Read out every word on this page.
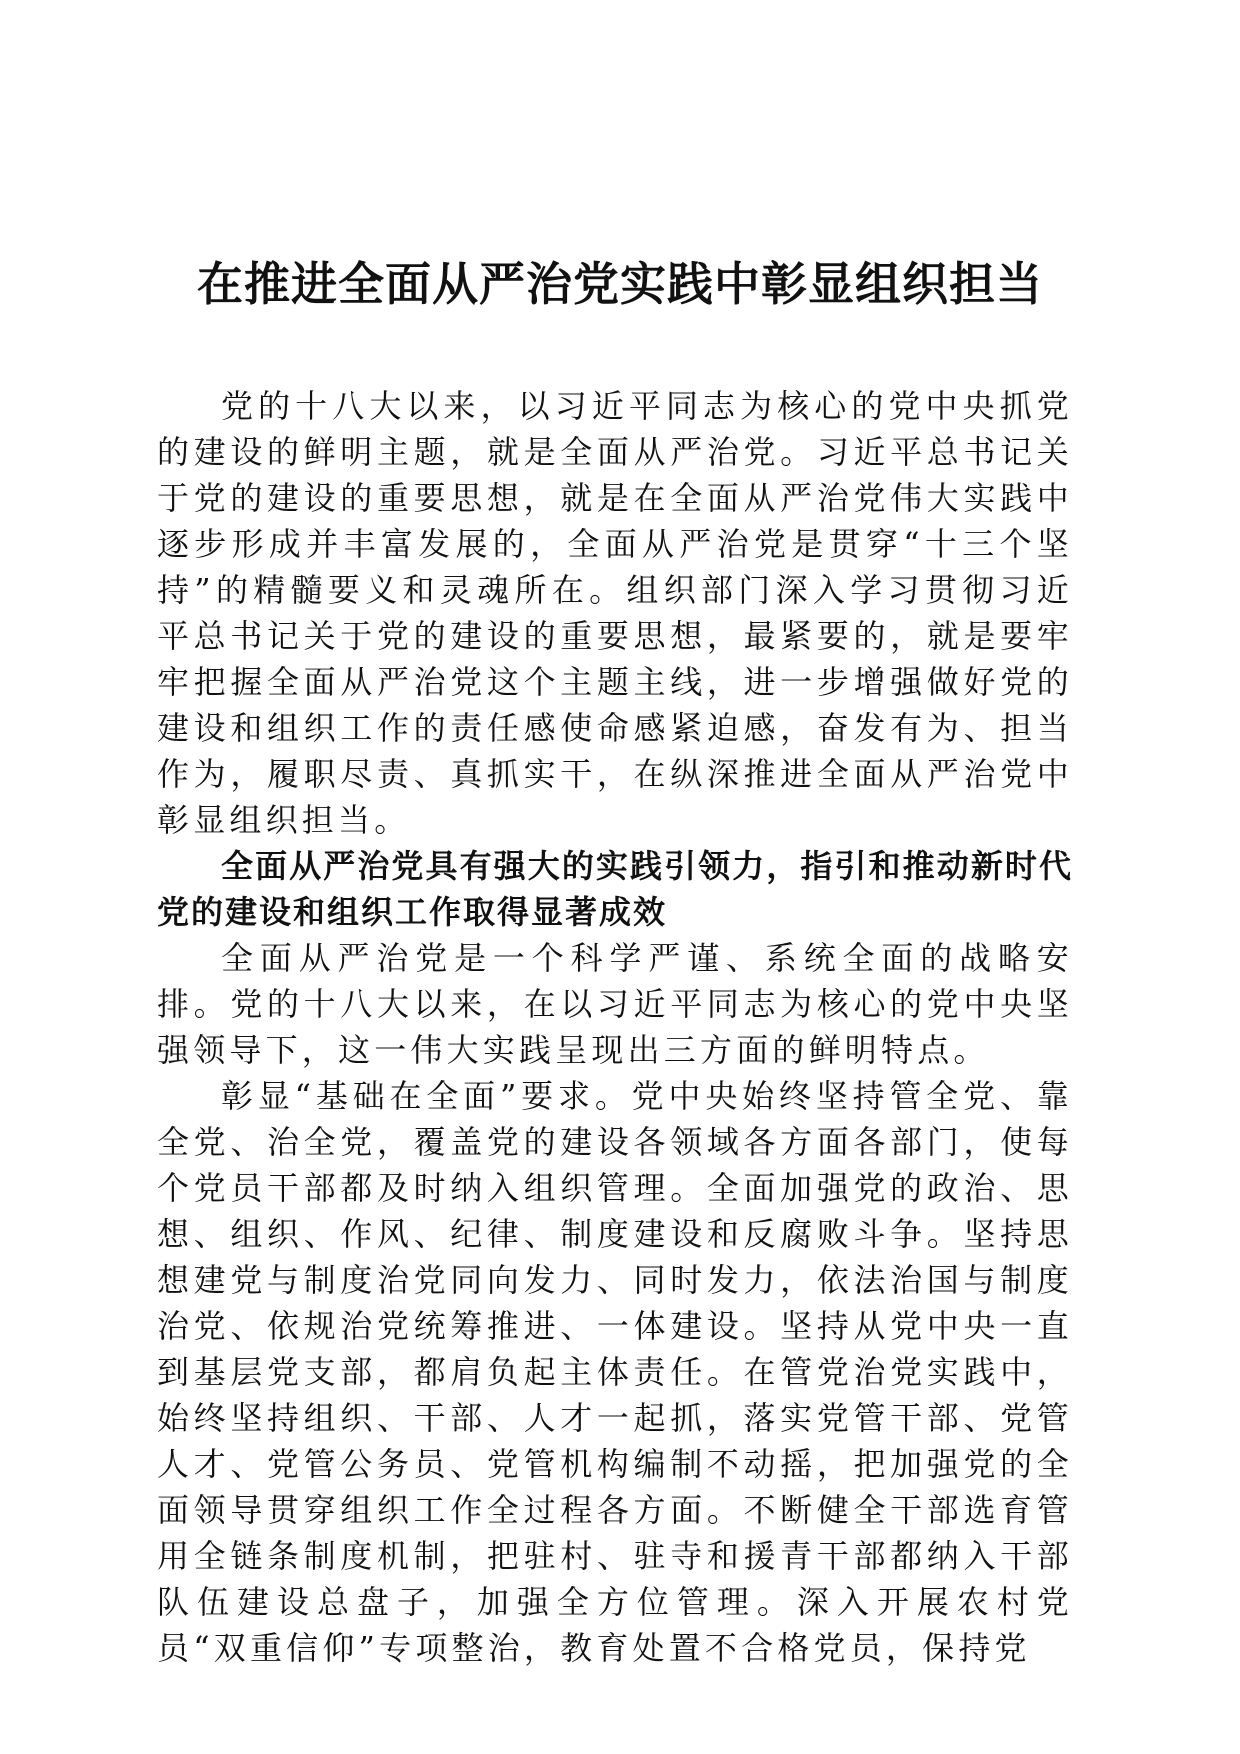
在推进全面从严治党实践中彰显组织担当

党的十八大以来，以习近平同志为核心的党中央抓党的建设的鲜明主题，就是全面从严治党。习近平总书记关于党的建设的重要思想，就是在全面从严治党伟大实践中逐步形成并丰富发展的，全面从严治党是贯穿“十三个坚持”的精髓要义和灵魂所在。组织部门深入学习贯彻习近平总书记关于党的建设的重要思想，最紧要的，就是要牢牢把握全面从严治党这个主题主线，进一步增强做好党的建设和组织工作的责任感使命感紧迫感，奋发有为、担当作为，履职尽责、真抓实干，在纵深推进全面从严治党中彰显组织担当。

全面从严治党具有强大的实践引领力，指引和推动新时代党的建设和组织工作取得显著成效

全面从严治党是一个科学严谨、系统全面的战略安排。党的十八大以来，在以习近平同志为核心的党中央坚强领导下，这一伟大实践呈现出三方面的鲜明特点。

彰显“基础在全面”要求。党中央始终坚持管全党、靠全党、治全党，覆盖党的建设各领域各方面各部门，使每个党员干部都及时纳入组织管理。全面加强党的政治、思想、组织、作风、纪律、制度建设和反腐败斗争。坚持思想建党与制度治党同向发力、同时发力，依法治国与制度治党、依规治党统筹推进、一体建设。坚持从党中央一直到基层党支部，都肩负起主体责任。在管党治党实践中，始终坚持组织、干部、人才一起抓，落实党管干部、党管人才、党管公务员、党管机构编制不动摇，把加强党的全面领导贯穿组织工作全过程各方面。不断健全干部选育管用全链条制度机制，把驻村、驻寺和援青干部都纳入干部队伍建设总盘子，加强全方位管理。深入开展农村党员“双重信仰”专项整治，教育处置不合格党员，保持党
